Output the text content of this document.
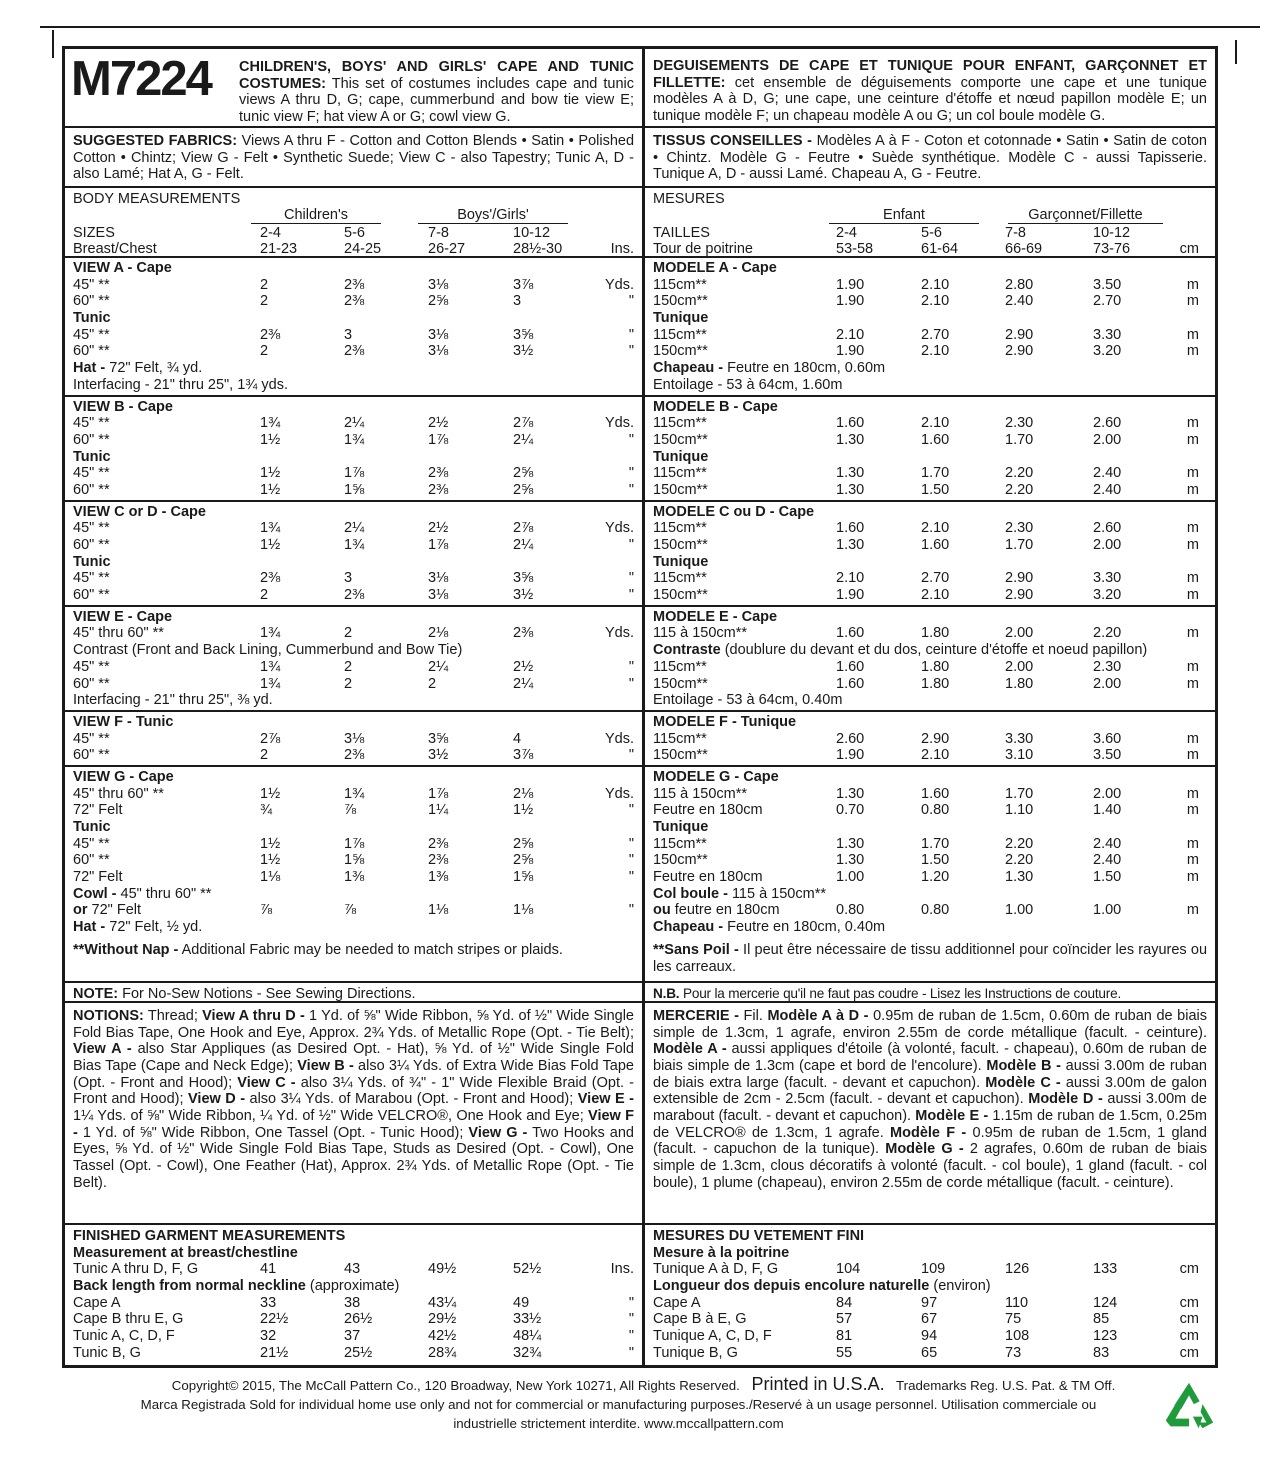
M7224	CHILDREN'S, BOYS' AND GIRLS' CAPE AND TUNIC COSTUMES: This set of costumes includes cape and tunic views A thru D, G; cape, cummerbund and bow tie view E; tunic view F; hat view A or G; cowl view G.
SUGGESTED FABRICS: Views A thru F - Cotton and Cotton Blends • Satin • Polished Cotton • Chintz; View G - Felt • Synthetic Suede; View C - also Tapestry; Tunic A, D - also Lamé; Hat A, G - Felt.
BODY MEASUREMENTS
Children's	Boys'/Girls'
SIZES	2-4	5-6	7-8	10-12
Breast/Chest	21-23	24-25	26-27	28½-30	Ins.
VIEW A - Cape
45" **	2	2⅜	3⅛	3⅞	Yds.
60" **	2	2⅜	2⅝	3	"
Tunic
45" **	2⅜	3	3⅛	3⅝	"
60" **	2	2⅜	3⅛	3½	"
Hat - 72" Felt, ¾ yd.
Interfacing - 21" thru 25", 1¾ yds.
VIEW B - Cape
45" **	1¾	2¼	2½	2⅞	Yds.
60" **	1½	1¾	1⅞	2¼	"
Tunic
45" **	1½	1⅞	2⅜	2⅝	"
60" **	1½	1⅝	2⅜	2⅝	"
VIEW C or D - Cape
45" **	1¾	2¼	2½	2⅞	Yds.
60" **	1½	1¾	1⅞	2¼	"
Tunic
45" **	2⅜	3	3⅛	3⅝	"
60" **	2	2⅜	3⅛	3½	"
VIEW E - Cape
45" thru 60" **	1¾	2	2⅛	2⅜	Yds.
Contrast (Front and Back Lining, Cummerbund and Bow Tie)
45" **	1¾	2	2¼	2½	"
60" **	1¾	2	2	2¼	"
Interfacing - 21" thru 25", ⅜ yd.
VIEW F - Tunic
45" **	2⅞	3⅛	3⅝	4	Yds.
60" **	2	2⅜	3½	3⅞	"
VIEW G - Cape
45" thru 60" **	1½	1¾	1⅞	2⅛	Yds.
72" Felt	¾	⅞	1¼	1½	"
Tunic
45" **	1½	1⅞	2⅜	2⅝	"
60" **	1½	1⅝	2⅜	2⅝	"
72" Felt	1⅛	1⅜	1⅜	1⅝	"
Cowl - 45" thru 60" **
or 72" Felt	⅞	⅞	1⅛	1⅛	"
Hat - 72" Felt, ½ yd.
**Without Nap - Additional Fabric may be needed to match stripes or plaids.
NOTE: For No-Sew Notions - See Sewing Directions.
NOTIONS: Thread; View A thru D - 1 Yd. of ⅝" Wide Ribbon, ⅝ Yd. of ½" Wide Single Fold Bias Tape, One Hook and Eye, Approx. 2¾ Yds. of Metallic Rope (Opt. - Tie Belt); View A - also Star Appliques (as Desired Opt. - Hat), ⅝ Yd. of ½" Wide Single Fold Bias Tape (Cape and Neck Edge); View B - also 3¼ Yds. of Extra Wide Bias Fold Tape (Opt. - Front and Hood); View C - also 3¼ Yds. of ¾" - 1" Wide Flexible Braid (Opt. - Front and Hood); View D - also 3¼ Yds. of Marabou (Opt. - Front and Hood); View E - 1¼ Yds. of ⅝" Wide Ribbon, ¼ Yd. of ½" Wide VELCRO®, One Hook and Eye; View F - 1 Yd. of ⅝" Wide Ribbon, One Tassel (Opt. - Tunic Hood); View G - Two Hooks and Eyes, ⅝ Yd. of ½" Wide Single Fold Bias Tape, Studs as Desired (Opt. - Cowl), One Tassel (Opt. - Cowl), One Feather (Hat), Approx. 2¾ Yds. of Metallic Rope (Opt. - Tie Belt).
FINISHED GARMENT MEASUREMENTS
Measurement at breast/chestline
Tunic A thru D, F, G	41	43	49½	52½	Ins.
Back length from normal neckline (approximate)
Cape A	33	38	43¼	49	"
Cape B thru E, G	22½	26½	29½	33½	"
Tunic A, C, D, F	32	37	42½	48¼	"
Tunic B, G	21½	25½	28¾	32¾	"
DEGUISEMENTS DE CAPE ET TUNIQUE POUR ENFANT, GARÇONNET ET FILLETTE: cet ensemble de déguisements comporte une cape et une tunique modèles A à D, G; une cape, une ceinture d'étoffe et nœud papillon modèle E; un tunique modèle F; un chapeau modèle A ou G; un col boule modèle G.
TISSUS CONSEILLES - Modèles A à F - Coton et cotonnade • Satin • Satin de coton • Chintz. Modèle G - Feutre • Suède synthétique. Modèle C - aussi Tapisserie. Tunique A, D - aussi Lamé. Chapeau A, G - Feutre.
MESURES
Enfant	Garçonnet/Fillette
TAILLES	2-4	5-6	7-8	10-12
Tour de poitrine	53-58	61-64	66-69	73-76	cm
MODELE A - Cape
115cm**	1.90	2.10	2.80	3.50	m
150cm**	1.90	2.10	2.40	2.70	m
Tunique
115cm**	2.10	2.70	2.90	3.30	m
150cm**	1.90	2.10	2.90	3.20	m
Chapeau - Feutre en 180cm, 0.60m
Entoilage - 53 à 64cm, 1.60m
MODELE B - Cape
115cm**	1.60	2.10	2.30	2.60	m
150cm**	1.30	1.60	1.70	2.00	m
Tunique
115cm**	1.30	1.70	2.20	2.40	m
150cm**	1.30	1.50	2.20	2.40	m
MODELE C ou D - Cape
115cm**	1.60	2.10	2.30	2.60	m
150cm**	1.30	1.60	1.70	2.00	m
Tunique
115cm**	2.10	2.70	2.90	3.30	m
150cm**	1.90	2.10	2.90	3.20	m
MODELE E - Cape
115 à 150cm**	1.60	1.80	2.00	2.20	m
Contraste (doublure du devant et du dos, ceinture d'étoffe et noeud papillon)
115cm**	1.60	1.80	2.00	2.30	m
150cm**	1.60	1.80	1.80	2.00	m
Entoilage - 53 à 64cm, 0.40m
MODELE F - Tunique
115cm**	2.60	2.90	3.30	3.60	m
150cm**	1.90	2.10	3.10	3.50	m
MODELE G - Cape
115 à 150cm**	1.30	1.60	1.70	2.00	m
Feutre en 180cm	0.70	0.80	1.10	1.40	m
Tunique
115cm**	1.30	1.70	2.20	2.40	m
150cm**	1.30	1.50	2.20	2.40	m
Feutre en 180cm	1.00	1.20	1.30	1.50	m
Col boule - 115 à 150cm**
ou feutre en 180cm	0.80	0.80	1.00	1.00	m
Chapeau - Feutre en 180cm, 0.40m
**Sans Poil - Il peut être nécessaire de tissu additionnel pour coïncider les rayures ou les carreaux.
N.B. Pour la mercerie qu'il ne faut pas coudre - Lisez les Instructions de couture.
MERCERIE - Fil. Modèle A à D - 0.95m de ruban de 1.5cm, 0.60m de ruban de biais simple de 1.3cm, 1 agrafe, environ 2.55m de corde métallique (facult. - ceinture). Modèle A - aussi appliques d'étoile (à volonté, facult. - chapeau), 0.60m de ruban de biais simple de 1.3cm (cape et bord de l'encolure). Modèle B - aussi 3.00m de ruban de biais extra large (facult. - devant et capuchon). Modèle C - aussi 3.00m de galon extensible de 2cm - 2.5cm (facult. - devant et capuchon). Modèle D - aussi 3.00m de marabout (facult. - devant et capuchon). Modèle E - 1.15m de ruban de 1.5cm, 0.25m de VELCRO® de 1.3cm, 1 agrafe. Modèle F - 0.95m de ruban de 1.5cm, 1 gland (facult. - capuchon de la tunique). Modèle G - 2 agrafes, 0.60m de ruban de biais simple de 1.3cm, clous décoratifs à volonté (facult. - col boule), 1 gland (facult. - col boule), 1 plume (chapeau), environ 2.55m de corde métallique (facult. - ceinture).
MESURES DU VETEMENT FINI
Mesure à la poitrine
Tunique A à D, F, G	104	109	126	133	cm
Longueur dos depuis encolure naturelle (environ)
Cape A	84	97	110	124	cm
Cape B à E, G	57	67	75	85	cm
Tunique A, C, D, F	81	94	108	123	cm
Tunique B, G	55	65	73	83	cm
Copyright© 2015, The McCall Pattern Co., 120 Broadway, New York 10271, All Rights Reserved. Printed in U.S.A. Trademarks Reg. U.S. Pat. & TM Off.
Marca Registrada Sold for individual home use only and not for commercial or manufacturing purposes./Reservé à un usage personnel. Utilisation commerciale ou
industrielle strictement interdite. www.mccallpattern.com
